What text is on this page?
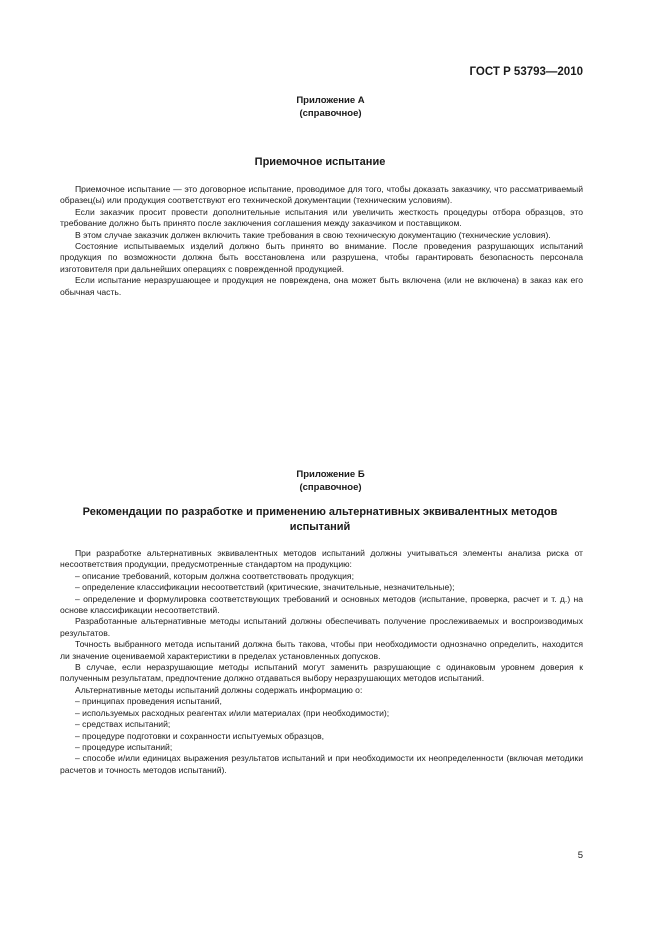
ГОСТ Р 53793—2010
Приложение А
(справочное)
Приемочное испытание

Приемочное испытание — это договорное испытание, проводимое для того, чтобы доказать заказчику, что рассматриваемый образец(ы) или продукция соответствуют его технической документации (техническим условиям).

Если заказчик просит провести дополнительные испытания или увеличить жесткость процедуры отбора образцов, это требование должно быть принято после заключения соглашения между заказчиком и поставщиком.

В этом случае заказчик должен включить такие требования в свою техническую документацию (технические условия).

Состояние испытываемых изделий должно быть принято во внимание. После проведения разрушающих испытаний продукция по возможности должна быть восстановлена или разрушена, чтобы гарантировать безопасность персонала изготовителя при дальнейших операциях с поврежденной продукцией.

Если испытание неразрушающее и продукция не повреждена, она может быть включена (или не включена) в заказ как его обычная часть.

Приложение Б
(справочное)
Рекомендации по разработке и применению альтернативных эквивалентных методов
испытаний

При разработке альтернативных эквивалентных методов испытаний должны учитываться элементы анализа риска от несоответствия продукции, предусмотренные стандартом на продукцию:

– описание требований, которым должна соответствовать продукция;

– определение классификации несоответствий (критические, значительные, незначительные);

– определение и формулировка соответствующих требований и основных методов (испытание, проверка, расчет и т. д.) на основе классификации несоответствий.

Разработанные альтернативные методы испытаний должны обеспечивать получение прослеживаемых и воспроизводимых результатов.

Точность выбранного метода испытаний должна быть такова, чтобы при необходимости однозначно определить, находится ли значение оцениваемой характеристики в пределах установленных допусков.

В случае, если неразрушающие методы испытаний могут заменить разрушающие с одинаковым уровнем доверия к полученным результатам, предпочтение должно отдаваться выбору неразрушающих методов испытаний.

Альтернативные методы испытаний должны содержать информацию о:

– принципах проведения испытаний,

– используемых расходных реагентах и/или материалах (при необходимости);

– средствах испытаний;

– процедуре подготовки и сохранности испытуемых образцов,

– процедуре испытаний;

– способе и/или единицах выражения результатов испытаний и при необходимости их неопределенности (включая методики расчетов и точность методов испытаний).

5
